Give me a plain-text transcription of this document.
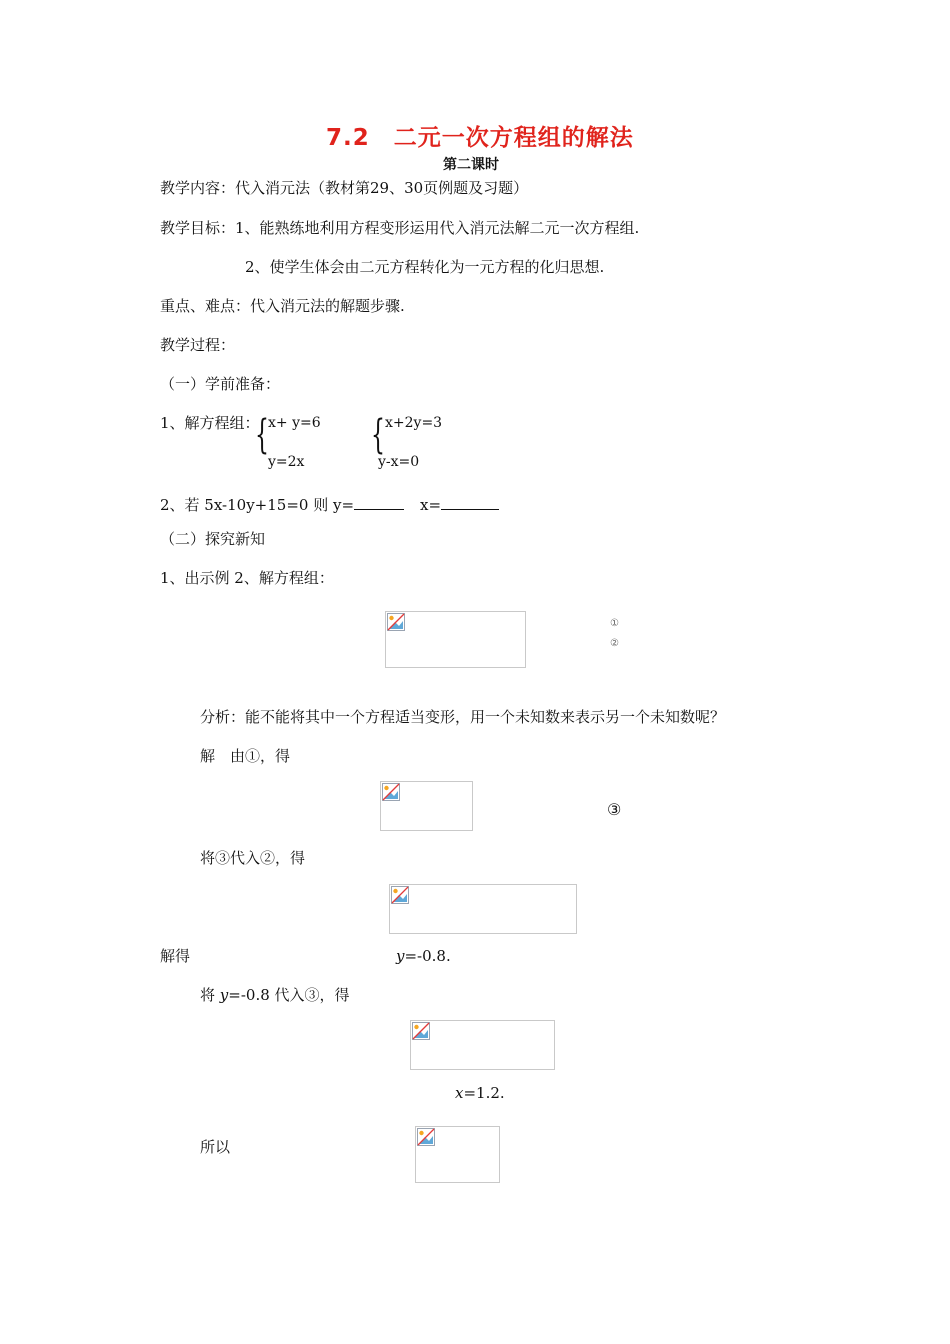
7.2　二元一次方程组的解法
第二课时
教学内容：代入消元法（教材第29、30页例题及习题）
教学目标：1、能熟练地利用方程变形运用代入消元法解二元一次方程组.
2、使学生体会由二元方程转化为一元方程的化归思想.
重点、难点：代入消元法的解题步骤.
教学过程：
（一）学前准备：
1、解方程组：
{ x+ y=6
y=2x
{ x+2y=3
y-x=0
2、若 5x-10y+15=0 则 y=	x=
（二）探究新知
1、出示例 2、解方程组：
①
②
分析：能不能将其中一个方程适当变形，用一个未知数来表示另一个未知数呢？
解　由①，得
③
将③代入②，得
解得	y=-0.8.
将 y=-0.8 代入③，得
x=1.2.
所以
